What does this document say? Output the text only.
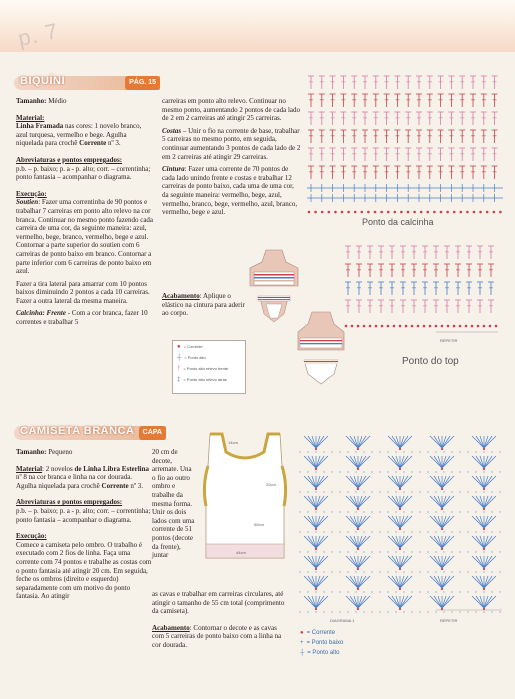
p. 7
BIQUÍNI	PÁG. 15

Tamanho: Médio

Material:
Linha Framada nas cores: 1 novelo branco, azul turquesa, vermelho e bege. Agulha niquelada para crochê Corrente nº 3.

Abreviaturas e pontos empregados:
p.b. – p. baixo; p. a - p. alto; corr. – correntinha; ponto fantasia – acompanhar o diagrama.

Execução:
Soutien: Fazer uma correntinha de 90 pontos e trabalhar 7 carreiras em ponto alto relevo na cor branca. Continuar no mesmo ponto fazendo cada carreira de uma cor, da seguinte maneira: azul, vermelho, bege, branco, vermelho, bege e azul. Contornar a parte superior do soutien com 6 carreiras de ponto baixo em branco. Contornar a parte inferior com 6 carreiras de ponto baixo em azul.

Fazer a tira lateral para amarrar com 10 pontos baixos diminuindo 2 pontos a cada 10 carreiras. Fazer a outra lateral da mesma maneira.

Calcinha: Frente - Com a cor branca, fazer 10 correntes e trabalhar 5

carreiras em ponto alto relevo. Continuar no mesmo ponto, aumentando 2 pontos de cada lado de 2 em 2 carreiras até atingir 25 carreiras.

Costas – Unir o fio na corrente de base, trabalhar 5 carreiras no mesmo ponto, em seguida, continuar aumentando 3 pontos de cada lado de 2 em 2 carreiras até atingir 29 carreiras.

Cintura: Fazer uma corrente de 70 pontos de cada lado unindo frente e costas e trabalhar 12 carreiras de ponto baixo, cada uma de uma cor, da seguinte maneira: vermelho, bege, azul, vermelho, branco, bege, vermelho, azul, branco, vermelho, bege e azul.

Acabamento: Aplique o elástico na cintura para aderir ao corpo.

● = Corrente
┼ = Ponto alto
† = Ponto alto relevo frente
‡ = Ponto alto relevo atrás
Ponto da calcinha
REPETIR
Ponto do top
CAMISETA BRANCA	CAPA

Tamanho: Pequeno

Material: 2 novelos de Linha Libra Esterlina nº 8 na cor branca e linha na cor dourada. Agulha niquelada para crochê Corrente nº 3.

Abreviaturas e pontos empregados:
p.b. – p. baixo; p. a - p. alto; corr. – correntinha; ponto fantasia – acompanhar o diagrama.

Execução:
Comece a camiseta pelo ombro. O trabalho é executado com 2 fios de linha. Faça uma corrente com 74 pontos e trabalhe as costas com o ponto fantasia até atingir 20 cm. Em seguida, feche os ombros (direito e esquerdo) separadamente com um motivo do ponto fantasia. Ao atingir

14cm
20cm
55cm
44cm

20 cm de decote, arremate. Una o fio ao outro ombro e trabalhe da mesma forma. Unir os dois lados com uma corrente de 51 pontos (decote da frente), juntar

as cavas e trabalhar em carreiras circulares, até atingir o tamanho de 55 cm total (comprimento da camiseta).

Acabamento: Contornar o decote e as cavas com 5 carreiras de ponto baixo com a linha na cor dourada.

DIAGRAMA 1	REPETIR
● = Corrente
+ = Ponto baixo
┼ = Ponto alto
